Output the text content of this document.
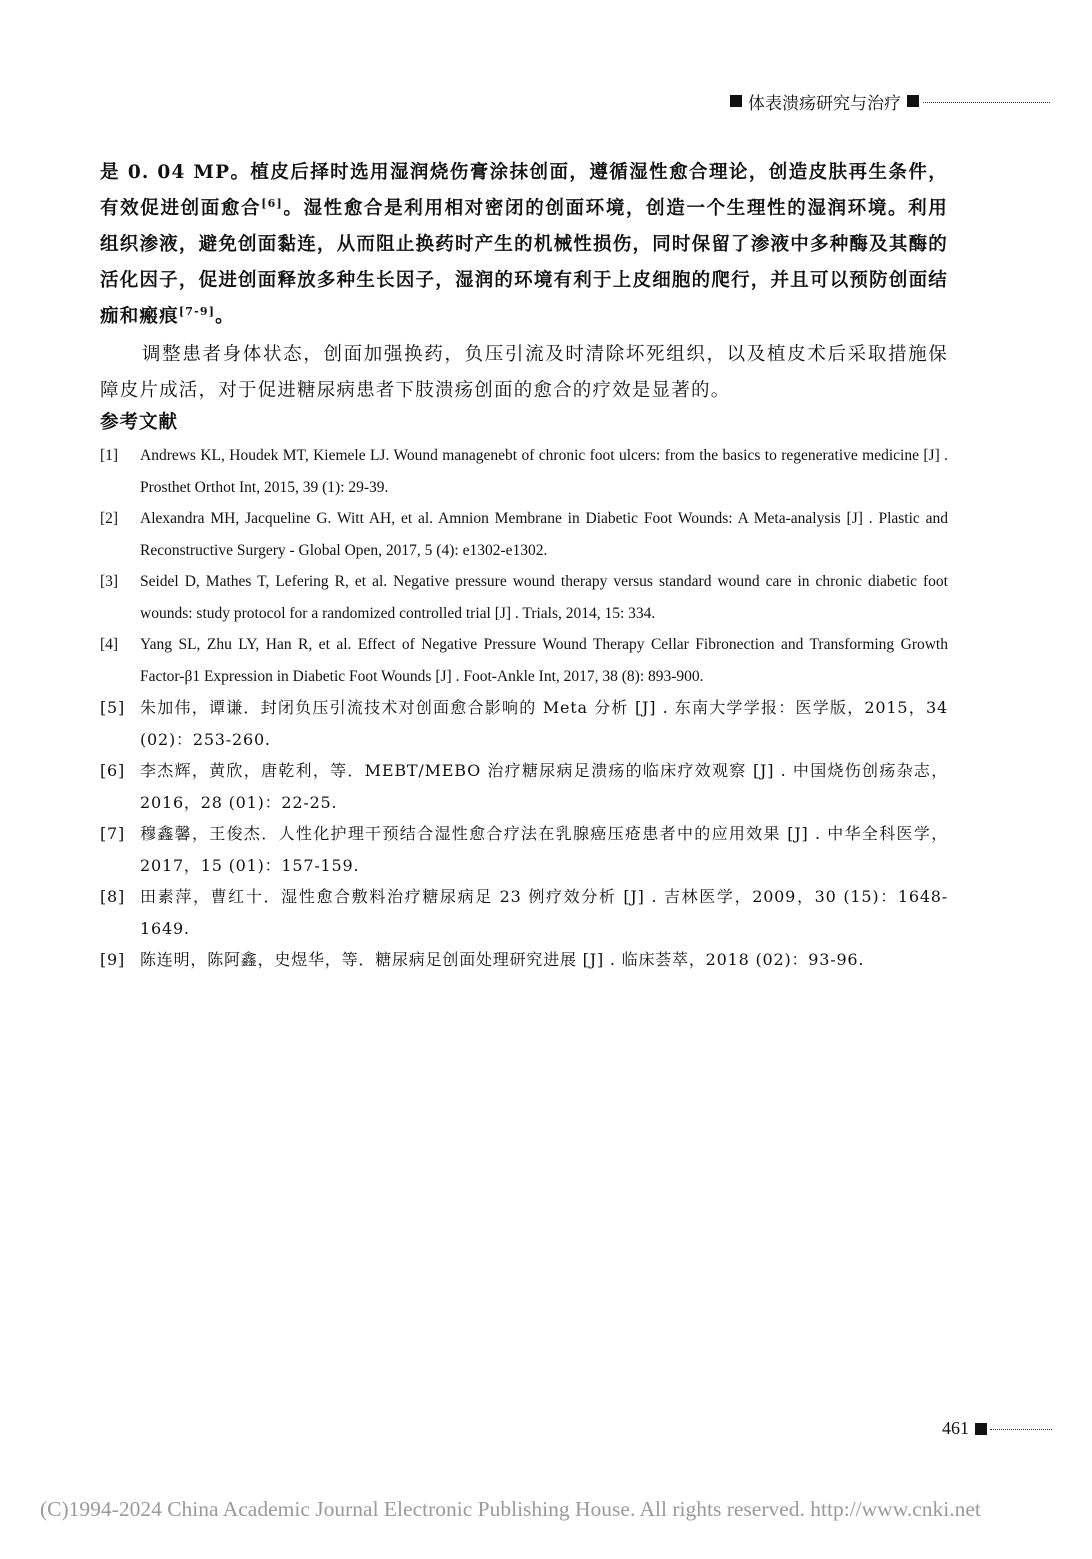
体表溃疡研究与治疗
是 0. 04 MP。植皮后择时选用湿润烧伤膏涂抹创面，遵循湿性愈合理论，创造皮肤再生条件，有效促进创面愈合[6]。湿性愈合是利用相对密闭的创面环境，创造一个生理性的湿润环境。利用组织渗液，避免创面黏连，从而阻止换药时产生的机械性损伤，同时保留了渗液中多种酶及其酶的活化因子，促进创面释放多种生长因子，湿润的环境有利于上皮细胞的爬行，并且可以预防创面结痂和瘢痕[7-9]。
调整患者身体状态，创面加强换药，负压引流及时清除坏死组织，以及植皮术后采取措施保障皮片成活，对于促进糖尿病患者下肢溃疡创面的愈合的疗效是显著的。
参考文献
[1]	Andrews KL, Houdek MT, Kiemele LJ. Wound managenebt of chronic foot ulcers: from the basics to regenerative medicine [J] . Prosthet Orthot Int, 2015, 39 (1): 29-39.
[2]	Alexandra MH, Jacqueline G. Witt AH, et al. Amnion Membrane in Diabetic Foot Wounds: A Meta-analysis [J] . Plastic and Reconstructive Surgery - Global Open, 2017, 5 (4): e1302-e1302.
[3]	Seidel D, Mathes T, Lefering R, et al. Negative pressure wound therapy versus standard wound care in chronic diabetic foot wounds: study protocol for a randomized controlled trial [J] . Trials, 2014, 15: 334.
[4]	Yang SL, Zhu LY, Han R, et al. Effect of Negative Pressure Wound Therapy Cellar Fibronection and Transforming Growth Factor-β1 Expression in Diabetic Foot Wounds [J] . Foot-Ankle Int, 2017, 38 (8): 893-900.
[5] 朱加伟，谭谦．封闭负压引流技术对创面愈合影响的 Meta 分析 [J] . 东南大学学报：医学版，2015，34 (02)：253-260.
[6] 李杰辉，黄欣，唐乾利，等．MEBT/MEBO 治疗糖尿病足溃疡的临床疗效观察 [J] . 中国烧伤创疡杂志，2016，28 (01)：22-25.
[7] 穆鑫馨，王俊杰．人性化护理干预结合湿性愈合疗法在乳腺癌压疮患者中的应用效果 [J] . 中华全科医学，2017，15 (01)：157-159.
[8] 田素萍，曹红十．湿性愈合敷料治疗糖尿病足 23 例疗效分析 [J] . 吉林医学，2009，30 (15)：1648-1649.
[9] 陈连明，陈阿鑫，史煜华，等．糖尿病足创面处理研究进展 [J] . 临床荟萃，2018 (02)：93-96.
461
(C)1994-2024 China Academic Journal Electronic Publishing House. All rights reserved. http://www.cnki.net
